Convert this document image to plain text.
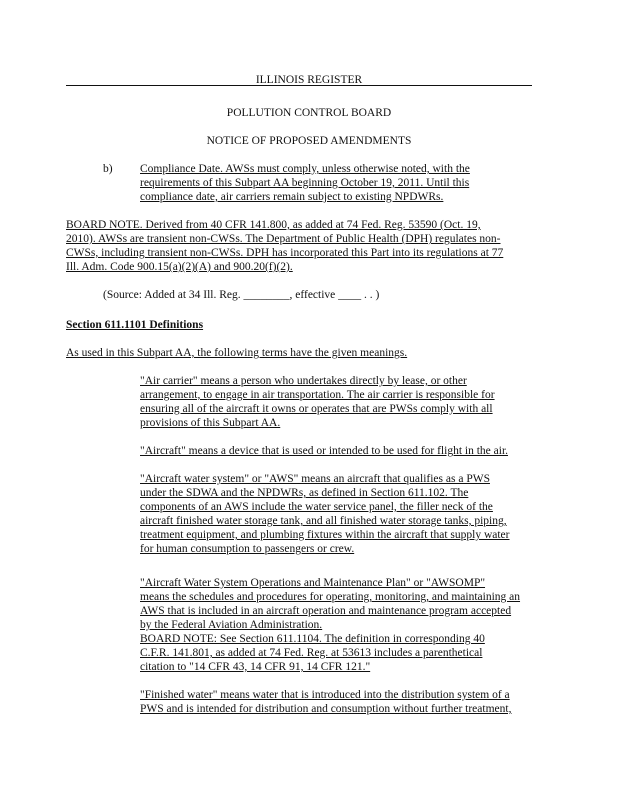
ILLINOIS REGISTER
POLLUTION CONTROL BOARD
NOTICE OF PROPOSED AMENDMENTS
b) Compliance Date. AWSs must comply, unless otherwise noted, with the
requirements of this Subpart AA beginning October 19, 2011. Until this
compliance date, air carriers remain subject to existing NPDWRs.
BOARD NOTE. Derived from 40 CFR 141.800, as added at 74 Fed. Reg. 53590 (Oct. 19,
2010). AWSs are transient non-CWSs. The Department of Public Health (DPH) regulates non-
CWSs, including transient non-CWSs. DPH has incorporated this Part into its regulations at 77
Ill. Adm. Code 900.15(a)(2)(A) and 900.20(f)(2).
(Source: Added at 34 Ill. Reg. ________, effective ____ . . )
Section 611.1101 Definitions
As used in this Subpart AA, the following terms have the given meanings.
"Air carrier" means a person who undertakes directly by lease, or other
arrangement, to engage in air transportation. The air carrier is responsible for
ensuring all of the aircraft it owns or operates that are PWSs comply with all
provisions of this Subpart AA.
"Aircraft" means a device that is used or intended to be used for flight in the air.
"Aircraft water system" or "AWS" means an aircraft that qualifies as a PWS
under the SDWA and the NPDWRs, as defined in Section 611.102. The
components of an AWS include the water service panel, the filler neck of the
aircraft finished water storage tank, and all finished water storage tanks, piping,
treatment equipment, and plumbing fixtures within the aircraft that supply water
for human consumption to passengers or crew.
"Aircraft Water System Operations and Maintenance Plan" or "AWSOMP"
means the schedules and procedures for operating, monitoring, and maintaining an
AWS that is included in an aircraft operation and maintenance program accepted
by the Federal Aviation Administration.
BOARD NOTE: See Section 611.1104. The definition in corresponding 40
C.F.R. 141.801, as added at 74 Fed. Reg. at 53613 includes a parenthetical
citation to "14 CFR 43, 14 CFR 91, 14 CFR 121."
"Finished water" means water that is introduced into the distribution system of a
PWS and is intended for distribution and consumption without further treatment,
